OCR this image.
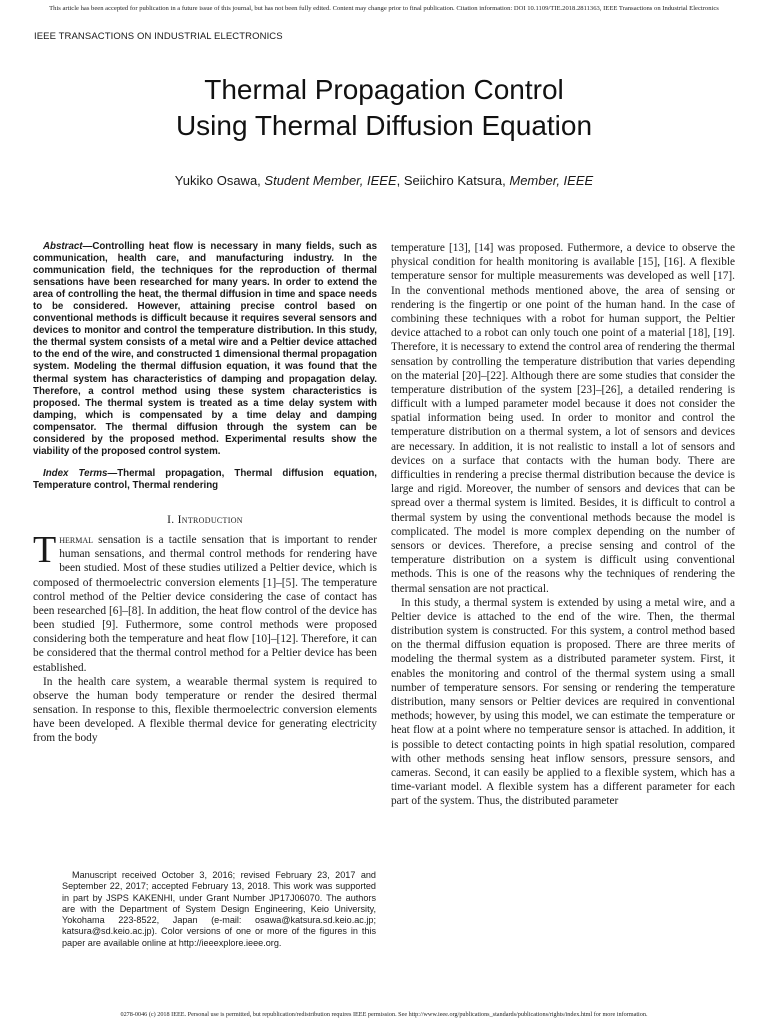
This article has been accepted for publication in a future issue of this journal, but has not been fully edited. Content may change prior to final publication. Citation information: DOI 10.1109/TIE.2018.2811363, IEEE Transactions on Industrial Electronics
IEEE TRANSACTIONS ON INDUSTRIAL ELECTRONICS
Thermal Propagation Control
Using Thermal Diffusion Equation
Yukiko Osawa, Student Member, IEEE, Seiichiro Katsura, Member, IEEE

Abstract—Controlling heat flow is necessary in many fields, such as communication, health care, and manufacturing industry. In the communication field, the techniques for the reproduction of thermal sensations have been researched for many years. In order to extend the area of controlling the heat, the thermal diffusion in time and space needs to be considered. However, attaining precise control based on conventional methods is difficult because it requires several sensors and devices to monitor and control the temperature distribution. In this study, the thermal system consists of a metal wire and a Peltier device attached to the end of the wire, and constructed 1 dimensional thermal propagation system. Modeling the thermal diffusion equation, it was found that the thermal system has characteristics of damping and propagation delay. Therefore, a control method using these system characteristics is proposed. The thermal system is treated as a time delay system with damping, which is compensated by a time delay and damping compensator. The thermal diffusion through the system can be considered by the proposed method. Experimental results show the viability of the proposed control system.

Index Terms—Thermal propagation, Thermal diffusion equation, Temperature control, Thermal rendering

I. Introduction

Thermal sensation is a tactile sensation that is important to render human sensations, and thermal control methods for rendering have been studied. Most of these studies utilized a Peltier device, which is composed of thermoelectric conversion elements [1]–[5]. The temperature control method of the Peltier device considering the case of contact has been researched [6]–[8]. In addition, the heat flow control of the device has been studied [9]. Futhermore, some control methods were proposed considering both the temperature and heat flow [10]–[12]. Therefore, it can be considered that the thermal control method for a Peltier device has been established.

In the health care system, a wearable thermal system is required to observe the human body temperature or render the desired thermal sensation. In response to this, flexible thermoelectric conversion elements have been developed. A flexible thermal device for generating electricity from the body

Manuscript received October 3, 2016; revised February 23, 2017 and September 22, 2017; accepted February 13, 2018. This work was supported in part by JSPS KAKENHI, under Grant Number JP17J06070. The authors are with the Department of System Design Engineering, Keio University, Yokohama 223-8522, Japan (e-mail: osawa@katsura.sd.keio.ac.jp; katsura@sd.keio.ac.jp). Color versions of one or more of the figures in this paper are available online at http://ieeexplore.ieee.org.

temperature [13], [14] was proposed. Futhermore, a device to observe the physical condition for health monitoring is available [15], [16]. A flexible temperature sensor for multiple measurements was developed as well [17]. In the conventional methods mentioned above, the area of sensing or rendering is the fingertip or one point of the human hand. In the case of combining these techniques with a robot for human support, the Peltier device attached to a robot can only touch one point of a material [18], [19]. Therefore, it is necessary to extend the control area of rendering the thermal sensation by controlling the temperature distribution that varies depending on the material [20]–[22]. Although there are some studies that consider the temperature distribution of the system [23]–[26], a detailed rendering is difficult with a lumped parameter model because it does not consider the spatial information being used. In order to monitor and control the temperature distribution on a thermal system, a lot of sensors and devices are necessary. In addition, it is not realistic to install a lot of sensors and devices on a surface that contacts with the human body. There are difficulties in rendering a precise thermal distribution because the device is large and rigid. Moreover, the number of sensors and devices that can be spread over a thermal system is limited. Besides, it is difficult to control a thermal system by using the conventional methods because the model is complicated. The model is more complex depending on the number of sensors or devices. Therefore, a precise sensing and control of the temperature distribution on a system is difficult using conventional methods. This is one of the reasons why the techniques of rendering the thermal sensation are not practical.

In this study, a thermal system is extended by using a metal wire, and a Peltier device is attached to the end of the wire. Then, the thermal distribution system is constructed. For this system, a control method based on the thermal diffusion equation is proposed. There are three merits of modeling the thermal system as a distributed parameter system. First, it enables the monitoring and control of the thermal system using a small number of temperature sensors. For sensing or rendering the temperature distribution, many sensors or Peltier devices are required in conventional methods; however, by using this model, we can estimate the temperature or heat flow at a point where no temperature sensor is attached. In addition, it is possible to detect contacting points in high spatial resolution, compared with other methods sensing heat inflow sensors, pressure sensors, and cameras. Second, it can easily be applied to a flexible system, which has a time-variant model. A flexible system has a different parameter for each part of the system. Thus, the distributed parameter

0278-0046 (c) 2018 IEEE. Personal use is permitted, but republication/redistribution requires IEEE permission. See http://www.ieee.org/publications_standards/publications/rights/index.html for more information.
